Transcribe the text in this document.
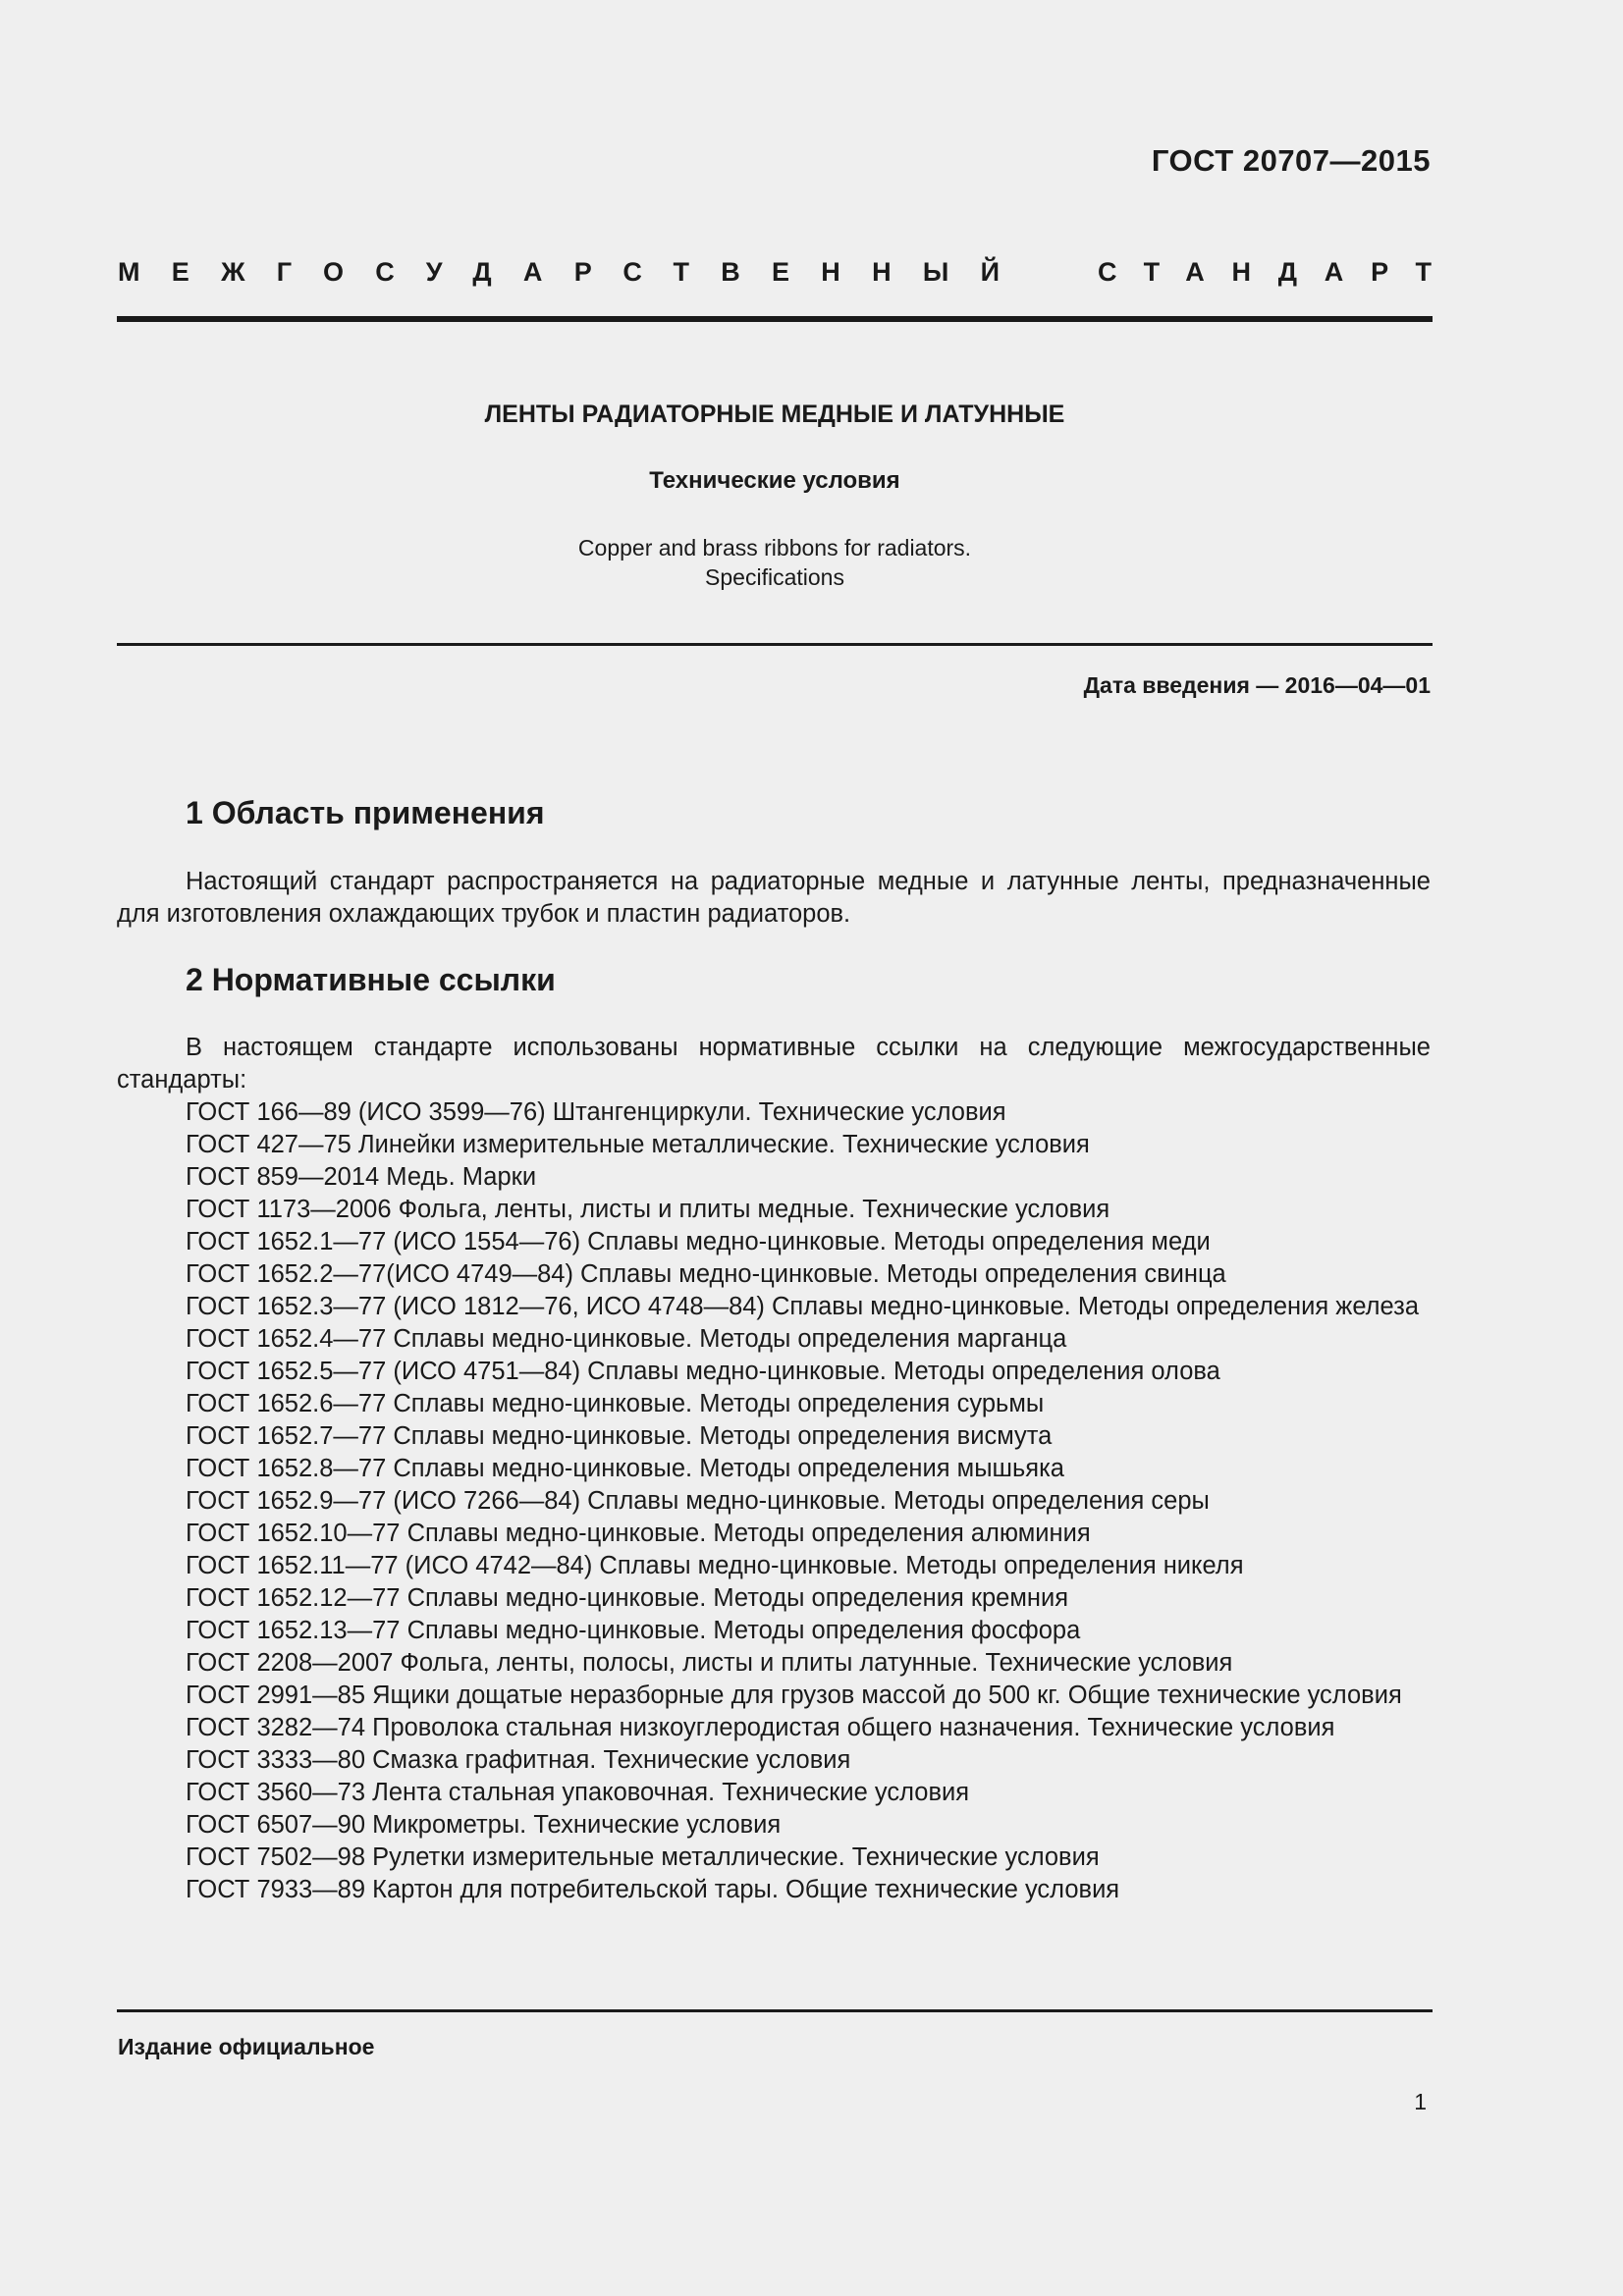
ГОСТ 20707—2015
МЕЖГОСУДАРСТВЕННЫЙ	СТАНДАРТ
ЛЕНТЫ РАДИАТОРНЫЕ МЕДНЫЕ И ЛАТУННЫЕ
Технические условия
Copper and brass ribbons for radiators.
Specifications
Дата введения — 2016—04—01
1 Область применения

Настоящий стандарт распространяется на радиаторные медные и латунные ленты, предназначенные для изготовления охлаждающих трубок и пластин радиаторов.

2 Нормативные ссылки

В настоящем стандарте использованы нормативные ссылки на следующие межгосударственные стандарты:

ГОСТ 166—89 (ИСО 3599—76) Штангенциркули. Технические условия
ГОСТ 427—75 Линейки измерительные металлические. Технические условия
ГОСТ 859—2014 Медь. Марки
ГОСТ 1173—2006 Фольга, ленты, листы и плиты медные. Технические условия
ГОСТ 1652.1—77 (ИСО 1554—76) Сплавы медно-цинковые. Методы определения меди
ГОСТ 1652.2—77(ИСО 4749—84) Сплавы медно-цинковые. Методы определения свинца
ГОСТ 1652.3—77 (ИСО 1812—76, ИСО 4748—84) Сплавы медно-цинковые. Методы определения железа
ГОСТ 1652.4—77 Сплавы медно-цинковые. Методы определения марганца
ГОСТ 1652.5—77 (ИСО 4751—84) Сплавы медно-цинковые. Методы определения олова
ГОСТ 1652.6—77 Сплавы медно-цинковые. Методы определения сурьмы
ГОСТ 1652.7—77 Сплавы медно-цинковые. Методы определения висмута
ГОСТ 1652.8—77 Сплавы медно-цинковые. Методы определения мышьяка
ГОСТ 1652.9—77 (ИСО 7266—84) Сплавы медно-цинковые. Методы определения серы
ГОСТ 1652.10—77 Сплавы медно-цинковые. Методы определения алюминия
ГОСТ 1652.11—77 (ИСО 4742—84) Сплавы медно-цинковые. Методы определения никеля
ГОСТ 1652.12—77 Сплавы медно-цинковые. Методы определения кремния
ГОСТ 1652.13—77 Сплавы медно-цинковые. Методы определения фосфора
ГОСТ 2208—2007 Фольга, ленты, полосы, листы и плиты латунные. Технические условия
ГОСТ 2991—85 Ящики дощатые неразборные для грузов массой до 500 кг. Общие технические условия
ГОСТ 3282—74 Проволока стальная низкоуглеродистая общего назначения. Технические условия
ГОСТ 3333—80 Смазка графитная. Технические условия
ГОСТ 3560—73 Лента стальная упаковочная. Технические условия
ГОСТ 6507—90 Микрометры. Технические условия
ГОСТ 7502—98 Рулетки измерительные металлические. Технические условия
ГОСТ 7933—89 Картон для потребительской тары. Общие технические условия
Издание официальное
1
